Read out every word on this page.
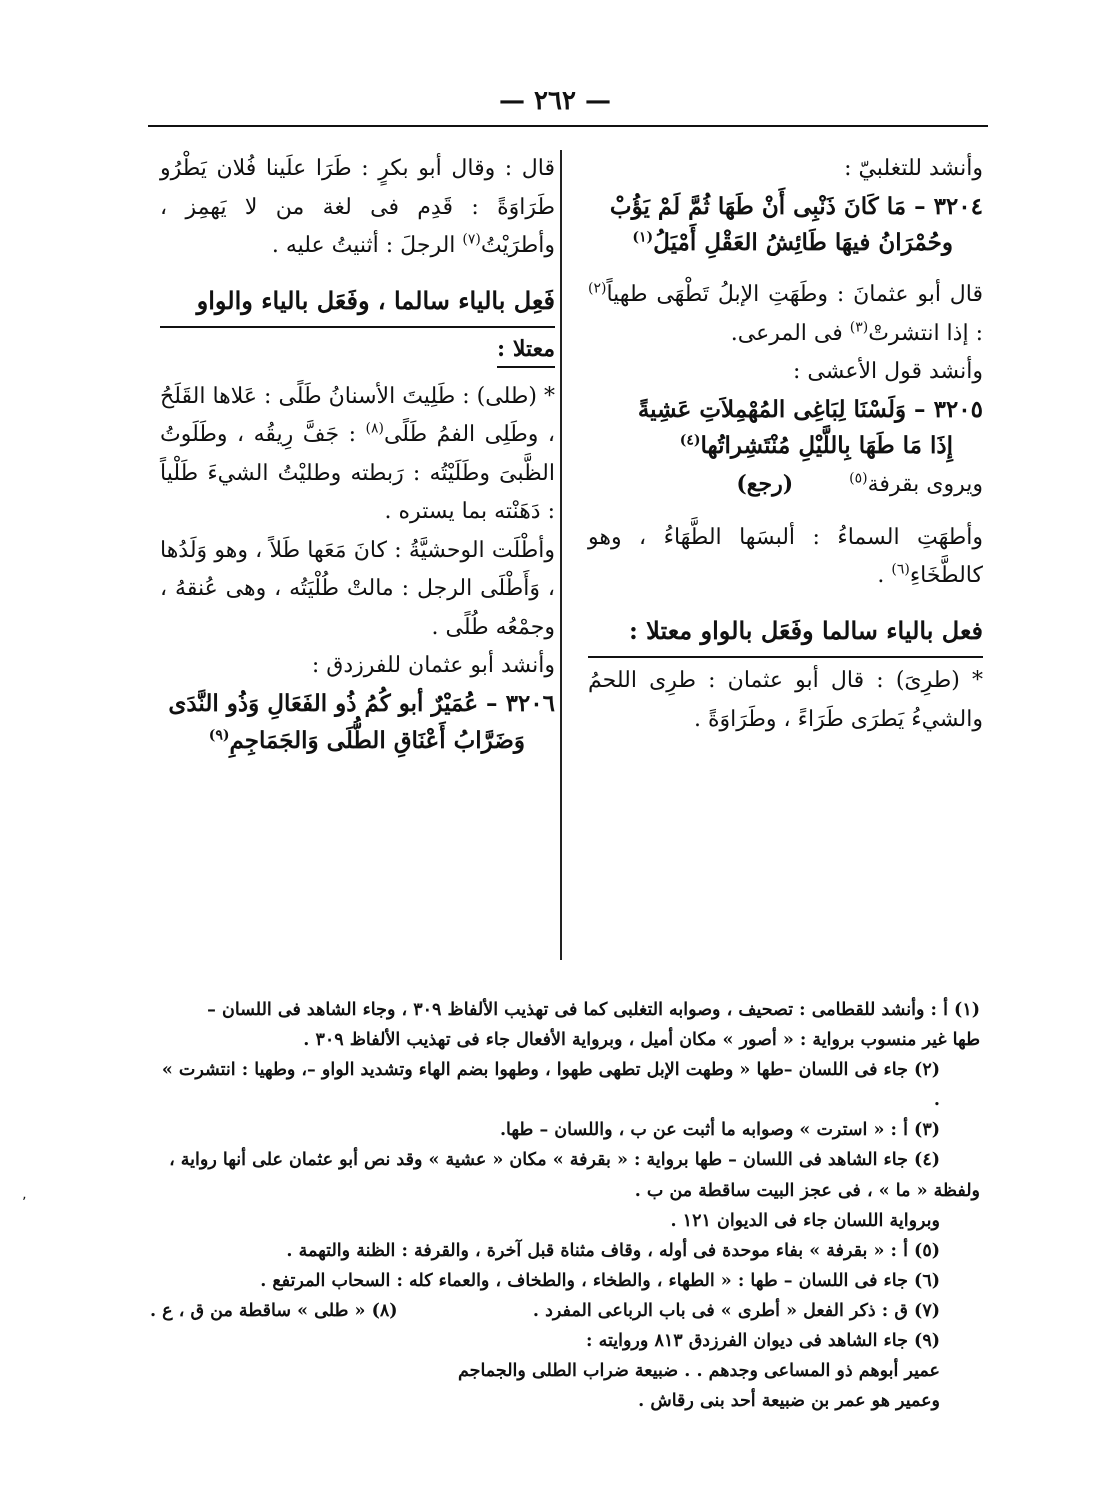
— ٢٦٢ —

وأنشد للتغلبيّ :

٣٢٠٤ – مَا كَانَ ذَنْبِى أَنْ طَهَا ثُمَّ لَمْ يَؤُبْ

وحُمْرَانُ فيهَا طَائِشُ العَقْلِ أَمْيَلُ$^{(١)}$

قال أبو عثمانَ : وطَهَتِ الإبلُ تَطْهَى طهياً$^{(٢)}$ : إذا انتشرتْ$^{(٣)}$ فى المرعى.

وأنشد قول الأعشى :

٣٢٠٥ – وَلَسْنَا لِبَاغِى المُهْمِلاَتِ عَشِيةً

إِذَا مَا طَهَا بِاللَّيْلِ مُنْتَشِراتُها$^{(٤)}$

ويروى بقرفة$^{(٥)}$        (رجع)

وأطهَتِ السماءُ : ألبسَها الطَّهَاءُ ، وهو كالطَّخَاءِ$^{(٦)}$ .

فعل بالياء سالما وفَعَل بالواو معتلا :

* (طرِىَ) : قال أبو عثمان : طرِى اللحمُ والشيءُ يَطرَى طَرَاءً ، وطَرَاوَةً .

قال : وقال أبو بكرٍ : طَرَا علَينا فُلان يَطْرُو طَرَاوَةً : قَدِم فى لغة من لا يَهمِز ، وأطرَيْتُ$^{(٧)}$ الرجلَ : أثنيتُ عليه .

فَعِل بالياء سالما ، وفَعَل بالياء والواو
معتلا :

* (طلى) : طَلِيتَ الأسنانُ طَلًى : عَلاها القَلَحُ ، وطَلِى الفمُ طَلًى$^{(٨)}$ : جَفَّ رِيقُه ، وطَلَوتُ الظَّبىَ وطَلَيْتُه : رَبطته وطليْتُ الشيءَ طَلْياً : دَهَنْته بما يستره .

وأطْلَت الوحشيَّةُ : كانَ مَعَها طَلاً ، وهو وَلَدُها ، وَأَطْلَى الرجل : مالتْ طُلْيَتُه ، وهى عُنقهُ ، وجمْعُه طُلًى .

وأنشد أبو عثمان للفرزدق :

٣٢٠٦ – عُمَيْرٌ أبو كُمُ ذُو الفَعَالِ وَذُو النَّدَى

وَضَرَّابُ أَعْنَاقِ الطُّلَى وَالجَمَاجِمِ$^{(٩)}$

(١) أ : وأنشد للقطامى : تصحيف ، وصوابه التغلبى كما فى تهذيب الألفاظ ٣٠٩ ، وجاء الشاهد فى اللسان –

طها غير منسوب برواية : « أصور » مكان أميل ، وبرواية الأفعال جاء فى تهذيب الألفاظ ٣٠٩ .

(٢) جاء فى اللسان –طها « وطهت الإبل تطهى طهوا ، وطهوا بضم الهاء وتشديد الواو –، وطهيا : انتشرت » .

(٣) أ : « استرت » وصوابه ما أثبت عن ب ، واللسان – طها.

(٤) جاء الشاهد فى اللسان – طها برواية : « بقرفة » مكان « عشية » وقد نص أبو عثمان على أنها رواية ،

ولفظة « ما » ، فى عجز البيت ساقطة من ب .

وبرواية اللسان جاء فى الديوان ١٢١ .

(٥) أ : « بقرفة » بفاء موحدة فى أوله ، وقاف مثناة قبل آخرة ، والقرفة : الظنة والتهمة .

(٦) جاء فى اللسان – طها : « الطهاء ، والطخاء ، والطخاف ، والعماء كله : السحاب المرتفع .

(٧) ق : ذكر الفعل « أطرى » فى باب الرباعى المفرد .
(٨) « طلى » ساقطة من ق ، ع .

(٩) جاء الشاهد فى ديوان الفرزدق ٨١٣ وروايته :

عمير أبوهم ذو المساعى وجدهم . . ضبيعة ضراب الطلى والجماجم

وعمير هو عمر بن ضبيعة أحد بنى رقاش .

٬
